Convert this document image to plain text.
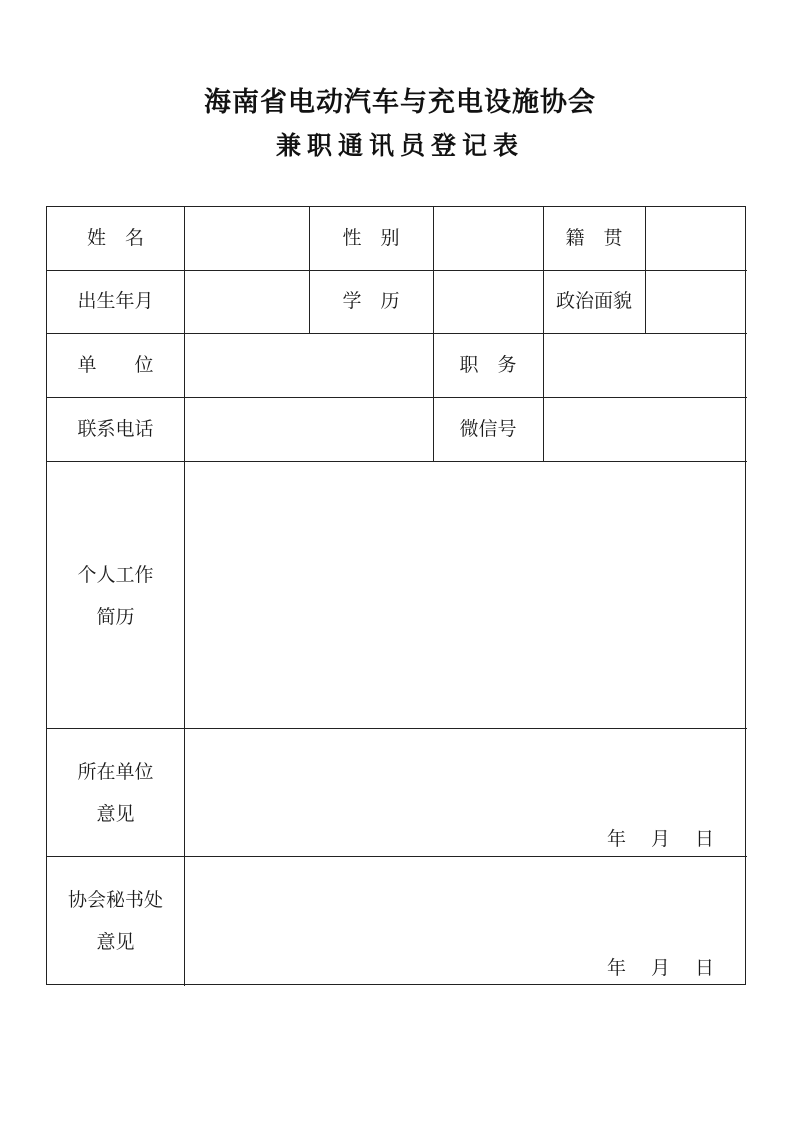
海南省电动汽车与充电设施协会
兼职通讯员登记表
姓　名	性　别	籍　贯
出生年月	学　历	政治面貌
单　　位	职　务
联系电话	微信号
个人工作
简历
所在单位
意见
年 月 日
协会秘书处
意见
年 月 日
